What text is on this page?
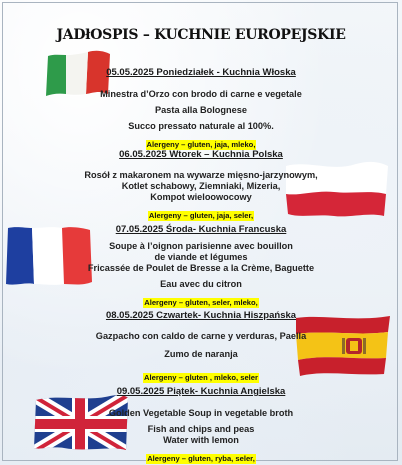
JADłOSPIS – KUCHNIE EUROPEJSKIE
05.05.2025 Poniedziałek - Kuchnia Włoska
Minestra d’Orzo con brodo di carne e vegetale
Pasta alla Bolognese
Succo pressato naturale al 100%.
Alergeny – gluten, jaja, mleko,
06.05.2025 Wtorek – Kuchnia Polska
Rosół z makaronem na wywarze mięsno-jarzynowym,
Kotlet schabowy, Ziemniaki, Mizeria,
Kompot wieloowocowy
Alergeny – gluten, jaja, seler,
07.05.2025 Środa- Kuchnia Francuska
Soupe à l’oignon parisienne avec bouillon
de viande et légumes
Fricassée de Poulet de Bresse a la Crème, Baguette
Eau avec du citron
Alergeny – gluten, seler, mleko,
08.05.2025 Czwartek- Kuchnia Hiszpańska
Gazpacho con caldo de carne y verduras, Paella
Zumo de naranja
Alergeny – gluten , mleko, seler
09.05.2025 Piątek- Kuchnia Angielska
Golden Vegetable Soup in vegetable broth
Fish and chips and peas
Water with lemon
Alergeny – gluten, ryba, seler,
